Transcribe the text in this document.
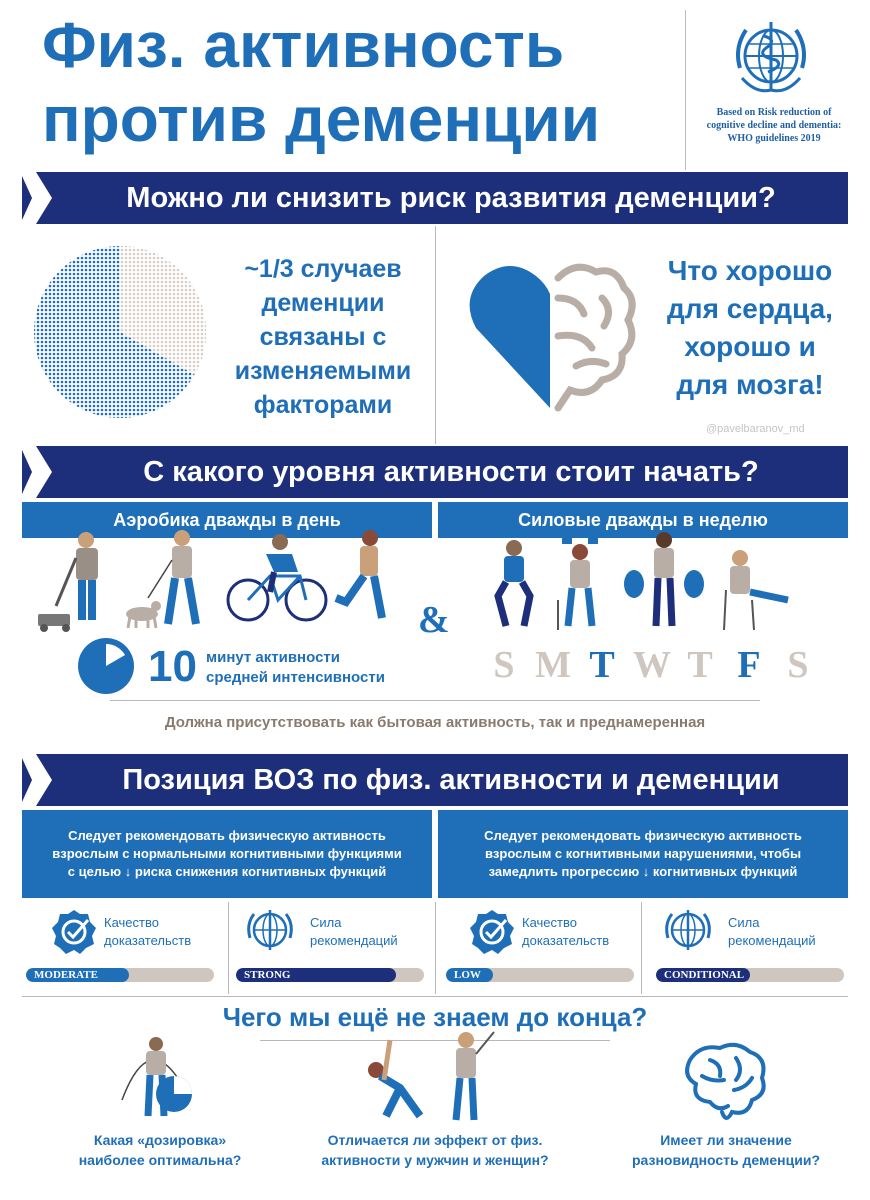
Физ. активность
против деменции	Based on Risk reduction of
cognitive decline and dementia:
WHO guidelines 2019
Можно ли снизить риск развития деменции?
~1/3 случаев
деменции
связаны с
изменяемыми
факторами
Что хорошо
для сердца,
хорошо и
для мозга!
@pavelbaranov_md
С какого уровня активности стоит начать?
Аэробика дважды в день	Силовые дважды в неделю
10 минут активности
средней интенсивности
&
S M T W T F S
Должна присутствовать как бытовая активность, так и преднамеренная
Позиция ВОЗ по физ. активности и деменции
Следует рекомендовать физическую активность
взрослым с нормальными когнитивными функциями
с целью ↓ риска снижения когнитивных функций
Следует рекомендовать физическую активность
взрослым с когнитивными нарушениями, чтобы
замедлить прогрессию ↓ когнитивных функций
Качество
доказательств
MODERATE
Сила
рекомендаций
STRONG
Качество
доказательств
LOW
Сила
рекомендаций
CONDITIONAL
Чего мы ещё не знаем до конца?
Какая «дозировка»
наиболее оптимальна?
Отличается ли эффект от физ.
активности у мужчин и женщин?
Имеет ли значение
разновидность деменции?
